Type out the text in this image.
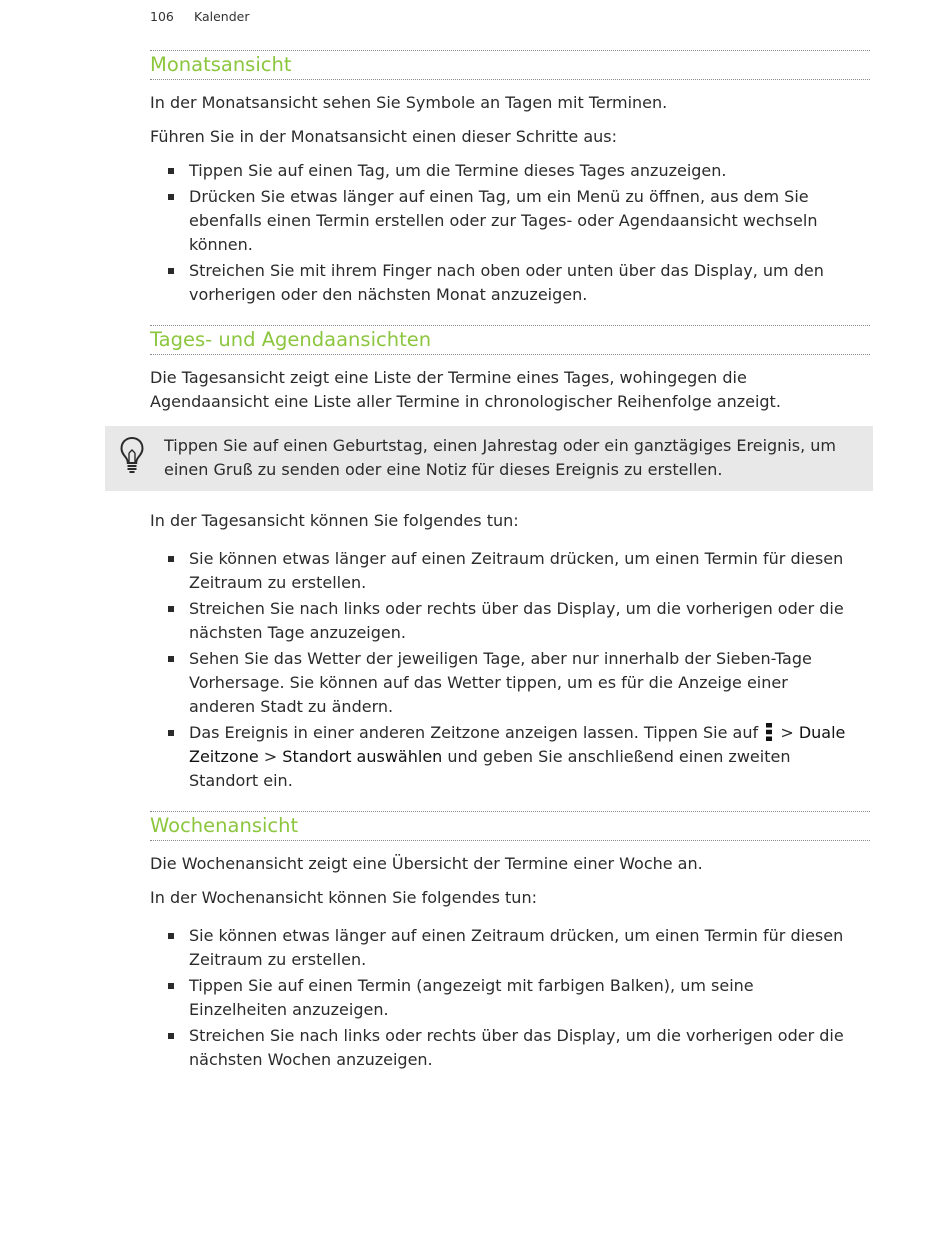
106 Kalender
Monatsansicht

In der Monatsansicht sehen Sie Symbole an Tagen mit Terminen.

Führen Sie in der Monatsansicht einen dieser Schritte aus:

Tippen Sie auf einen Tag, um die Termine dieses Tages anzuzeigen.
Drücken Sie etwas länger auf einen Tag, um ein Menü zu öffnen, aus dem Sie
ebenfalls einen Termin erstellen oder zur Tages- oder Agendaansicht wechseln
können.
Streichen Sie mit ihrem Finger nach oben oder unten über das Display, um den
vorherigen oder den nächsten Monat anzuzeigen.
Tages- und Agendaansichten

Die Tagesansicht zeigt eine Liste der Termine eines Tages, wohingegen die
Agendaansicht eine Liste aller Termine in chronologischer Reihenfolge anzeigt.

Tippen Sie auf einen Geburtstag, einen Jahrestag oder ein ganztägiges Ereignis, um
einen Gruß zu senden oder eine Notiz für dieses Ereignis zu erstellen.

In der Tagesansicht können Sie folgendes tun:

Sie können etwas länger auf einen Zeitraum drücken, um einen Termin für diesen
Zeitraum zu erstellen.
Streichen Sie nach links oder rechts über das Display, um die vorherigen oder die
nächsten Tage anzuzeigen.
Sehen Sie das Wetter der jeweiligen Tage, aber nur innerhalb der Sieben-Tage
Vorhersage. Sie können auf das Wetter tippen, um es für die Anzeige einer
anderen Stadt zu ändern.
Das Ereignis in einer anderen Zeitzone anzeigen lassen. Tippen Sie auf > Duale
Zeitzone > Standort auswählen und geben Sie anschließend einen zweiten
Standort ein.
Wochenansicht

Die Wochenansicht zeigt eine Übersicht der Termine einer Woche an.

In der Wochenansicht können Sie folgendes tun:

Sie können etwas länger auf einen Zeitraum drücken, um einen Termin für diesen
Zeitraum zu erstellen.
Tippen Sie auf einen Termin (angezeigt mit farbigen Balken), um seine
Einzelheiten anzuzeigen.
Streichen Sie nach links oder rechts über das Display, um die vorherigen oder die
nächsten Wochen anzuzeigen.
